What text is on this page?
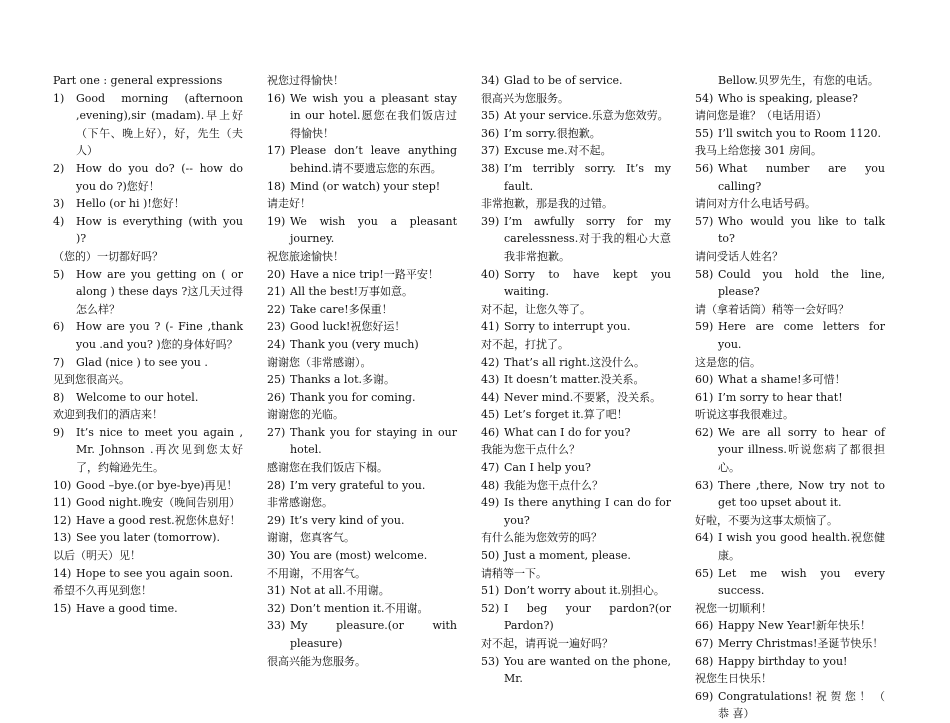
Part one : general expressions
1)	Good morning (afternoon ,evening),sir (madam).早上好（下午、晚上好），好，先生（夫人）
2)	How do you do? (-- how do you do ?)您好！
3)	Hello (or hi )!您好！
4)	How is everything (with you )?
（您的）一切都好吗？
5)	How are you getting on ( or along ) these days ?这几天过得怎么样？
6)	How are you ? (- Fine ,thank you .and you? )您的身体好吗？
7)	Glad (nice ) to see you .
见到您很高兴。
8)	Welcome to our hotel.
欢迎到我们的酒店来！
9)	It’s nice to meet you again , Mr. Johnson .再次见到您太好了，约翰逊先生。
10) Good –bye.(or bye-bye)再见！
11) Good night.晚安（晚间告别用）
12) Have a good rest.祝您休息好！
13) See you later (tomorrow).
以后（明天）见！
14) Hope to see you again soon.
希望不久再见到您！
15) Have a good time.
祝您过得愉快！
16) We wish you a pleasant stay in our hotel.愿您在我们饭店过得愉快！
17) Please don’t leave anything behind.请不要遗忘您的东西。
18) Mind (or watch) your step!
请走好！
19) We wish you a pleasant journey.
祝您旅途愉快！
20) Have a nice trip!一路平安！
21) All the best!万事如意。
22) Take care!多保重！
23) Good luck!祝您好运！
24) Thank you (very much)
谢谢您（非常感谢）。
25) Thanks a lot.多谢。
26) Thank you for coming.
谢谢您的光临。
27) Thank you for staying in our hotel.
感谢您在我们饭店下榻。
28) I’m very grateful to you.
非常感谢您。
29) It’s very kind of you.
谢谢，您真客气。
30) You are (most) welcome.
不用谢，不用客气。
31) Not at all.不用谢。
32) Don’t mention it.不用谢。
33) My pleasure.(or with pleasure)
很高兴能为您服务。
34) Glad to be of service.
很高兴为您服务。
35) At your service.乐意为您效劳。
36) I’m sorry.很抱歉。
37) Excuse me.对不起。
38) I’m terribly sorry. It’s my fault.
非常抱歉，那是我的过错。
39) I’m awfully sorry for my carelessness.对于我的粗心大意我非常抱歉。
40) Sorry to have kept you waiting.
对不起，让您久等了。
41) Sorry to interrupt you.
对不起，打扰了。
42) That’s all right.这没什么。
43) It doesn’t matter.没关系。
44) Never mind.不要紧，没关系。
45) Let’s forget it.算了吧！
46) What can I do for you?
我能为您干点什么？
47) Can I help you?
48) 我能为您干点什么？
49) Is there anything I can do for you?
有什么能为您效劳的吗？
50) Just a moment, please.
请稍等一下。
51) Don’t worry about it.别担心。
52) I beg your pardon?(or Pardon?)
对不起，请再说一遍好吗？
53) You are wanted on the phone, Mr.
Bellow.贝罗先生，有您的电话。
54) Who is speaking, please?
请问您是谁？（电话用语）
55) I’ll switch you to Room 1120.
我马上给您接 301 房间。
56) What number are you calling?
请问对方什么电话号码。
57) Who would you like to talk to?
请问受话人姓名？
58) Could you hold the line, please?
请（拿着话筒）稍等一会好吗？
59) Here are come letters for you.
这是您的信。
60) What a shame!多可惜！
61) I’m sorry to hear that!
听说这事我很难过。
62) We are all sorry to hear of your illness.听说您病了都很担心。
63) There ,there, Now try not to get too upset about it.
好啦，不要为这事太烦恼了。
64) I wish you good health.祝您健康。
65) Let me wish you every success.
祝您一切顺利！
66) Happy New Year!新年快乐！
67) Merry Christmas!圣诞节快乐！
68) Happy birthday to you!
祝您生日快乐！
69) Congratulations! 祝 贺 您 ！ （ 恭 喜）
